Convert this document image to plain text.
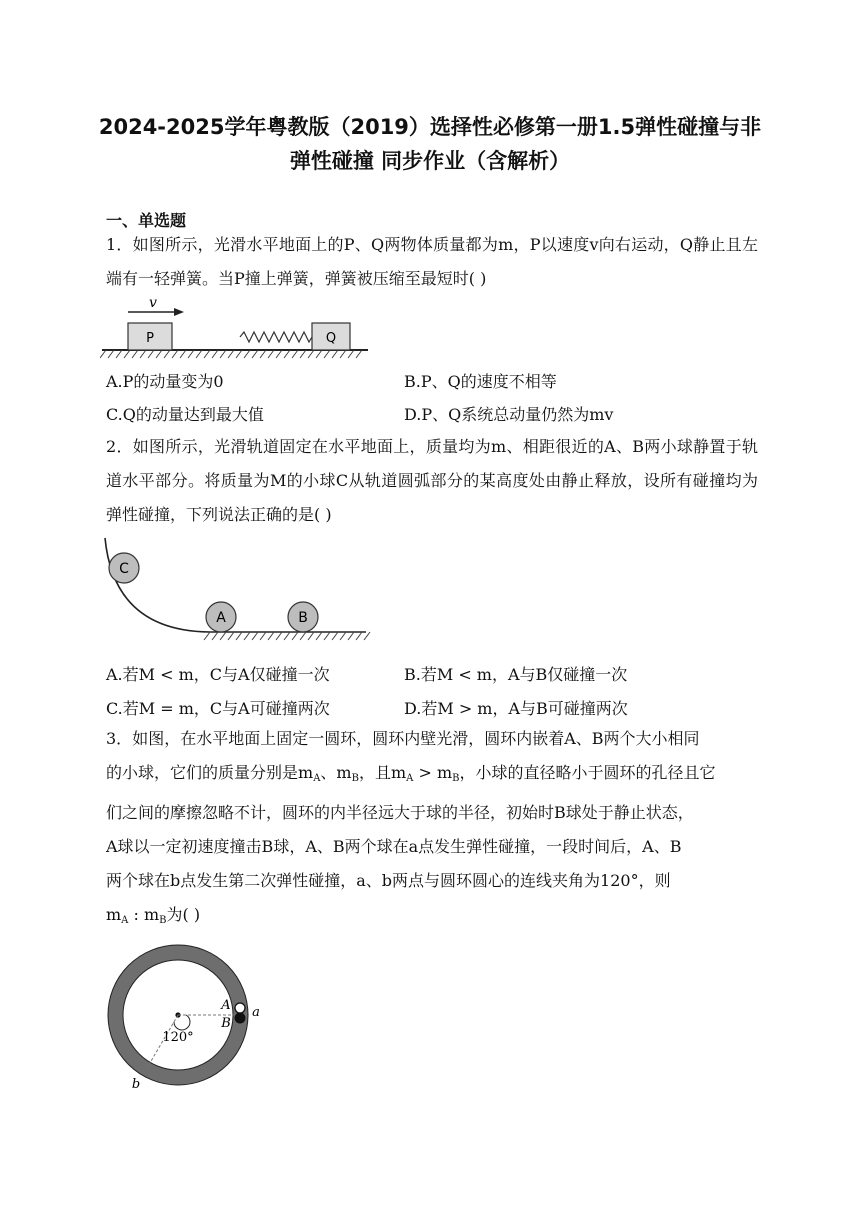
2024-2025学年粤教版（2019）选择性必修第一册1.5弹性碰撞与非
弹性碰撞 同步作业（含解析）
一、单选题

1．如图所示，光滑水平地面上的P、Q两物体质量都为m，P以速度v向右运动，Q静止且左端有一轻弹簧。当P撞上弹簧，弹簧被压缩至最短时( )

v
P	Q
A.P的动量变为0	B.P、Q的速度不相等
C.Q的动量达到最大值	D.P、Q系统总动量仍然为mv

2．如图所示，光滑轨道固定在水平地面上，质量均为m、相距很近的A、B两小球静置于轨道水平部分。将质量为M的小球C从轨道圆弧部分的某高度处由静止释放，设所有碰撞均为弹性碰撞，下列说法正确的是( )

C
A	B
A.若M < m，C与A仅碰撞一次	B.若M < m，A与B仅碰撞一次
C.若M = m，C与A可碰撞两次	D.若M > m，A与B可碰撞两次
3．如图，在水平地面上固定一圆环，圆环内壁光滑，圆环内嵌着A、B两个大小相同
的小球，它们的质量分别是$m_A$、$m_B$，且$m_A > m_B$，小球的直径略小于圆环的孔径且它
们之间的摩擦忽略不计，圆环的内半径远大于球的半径，初始时B球处于静止状态，
A球以一定初速度撞击B球，A、B两个球在a点发生弹性碰撞，一段时间后，A、B
两个球在b点发生第二次弹性碰撞，a、b两点与圆环圆心的连线夹角为120°，则
$m_A$ : $m_B$为( )
120°
A
B
a
b
